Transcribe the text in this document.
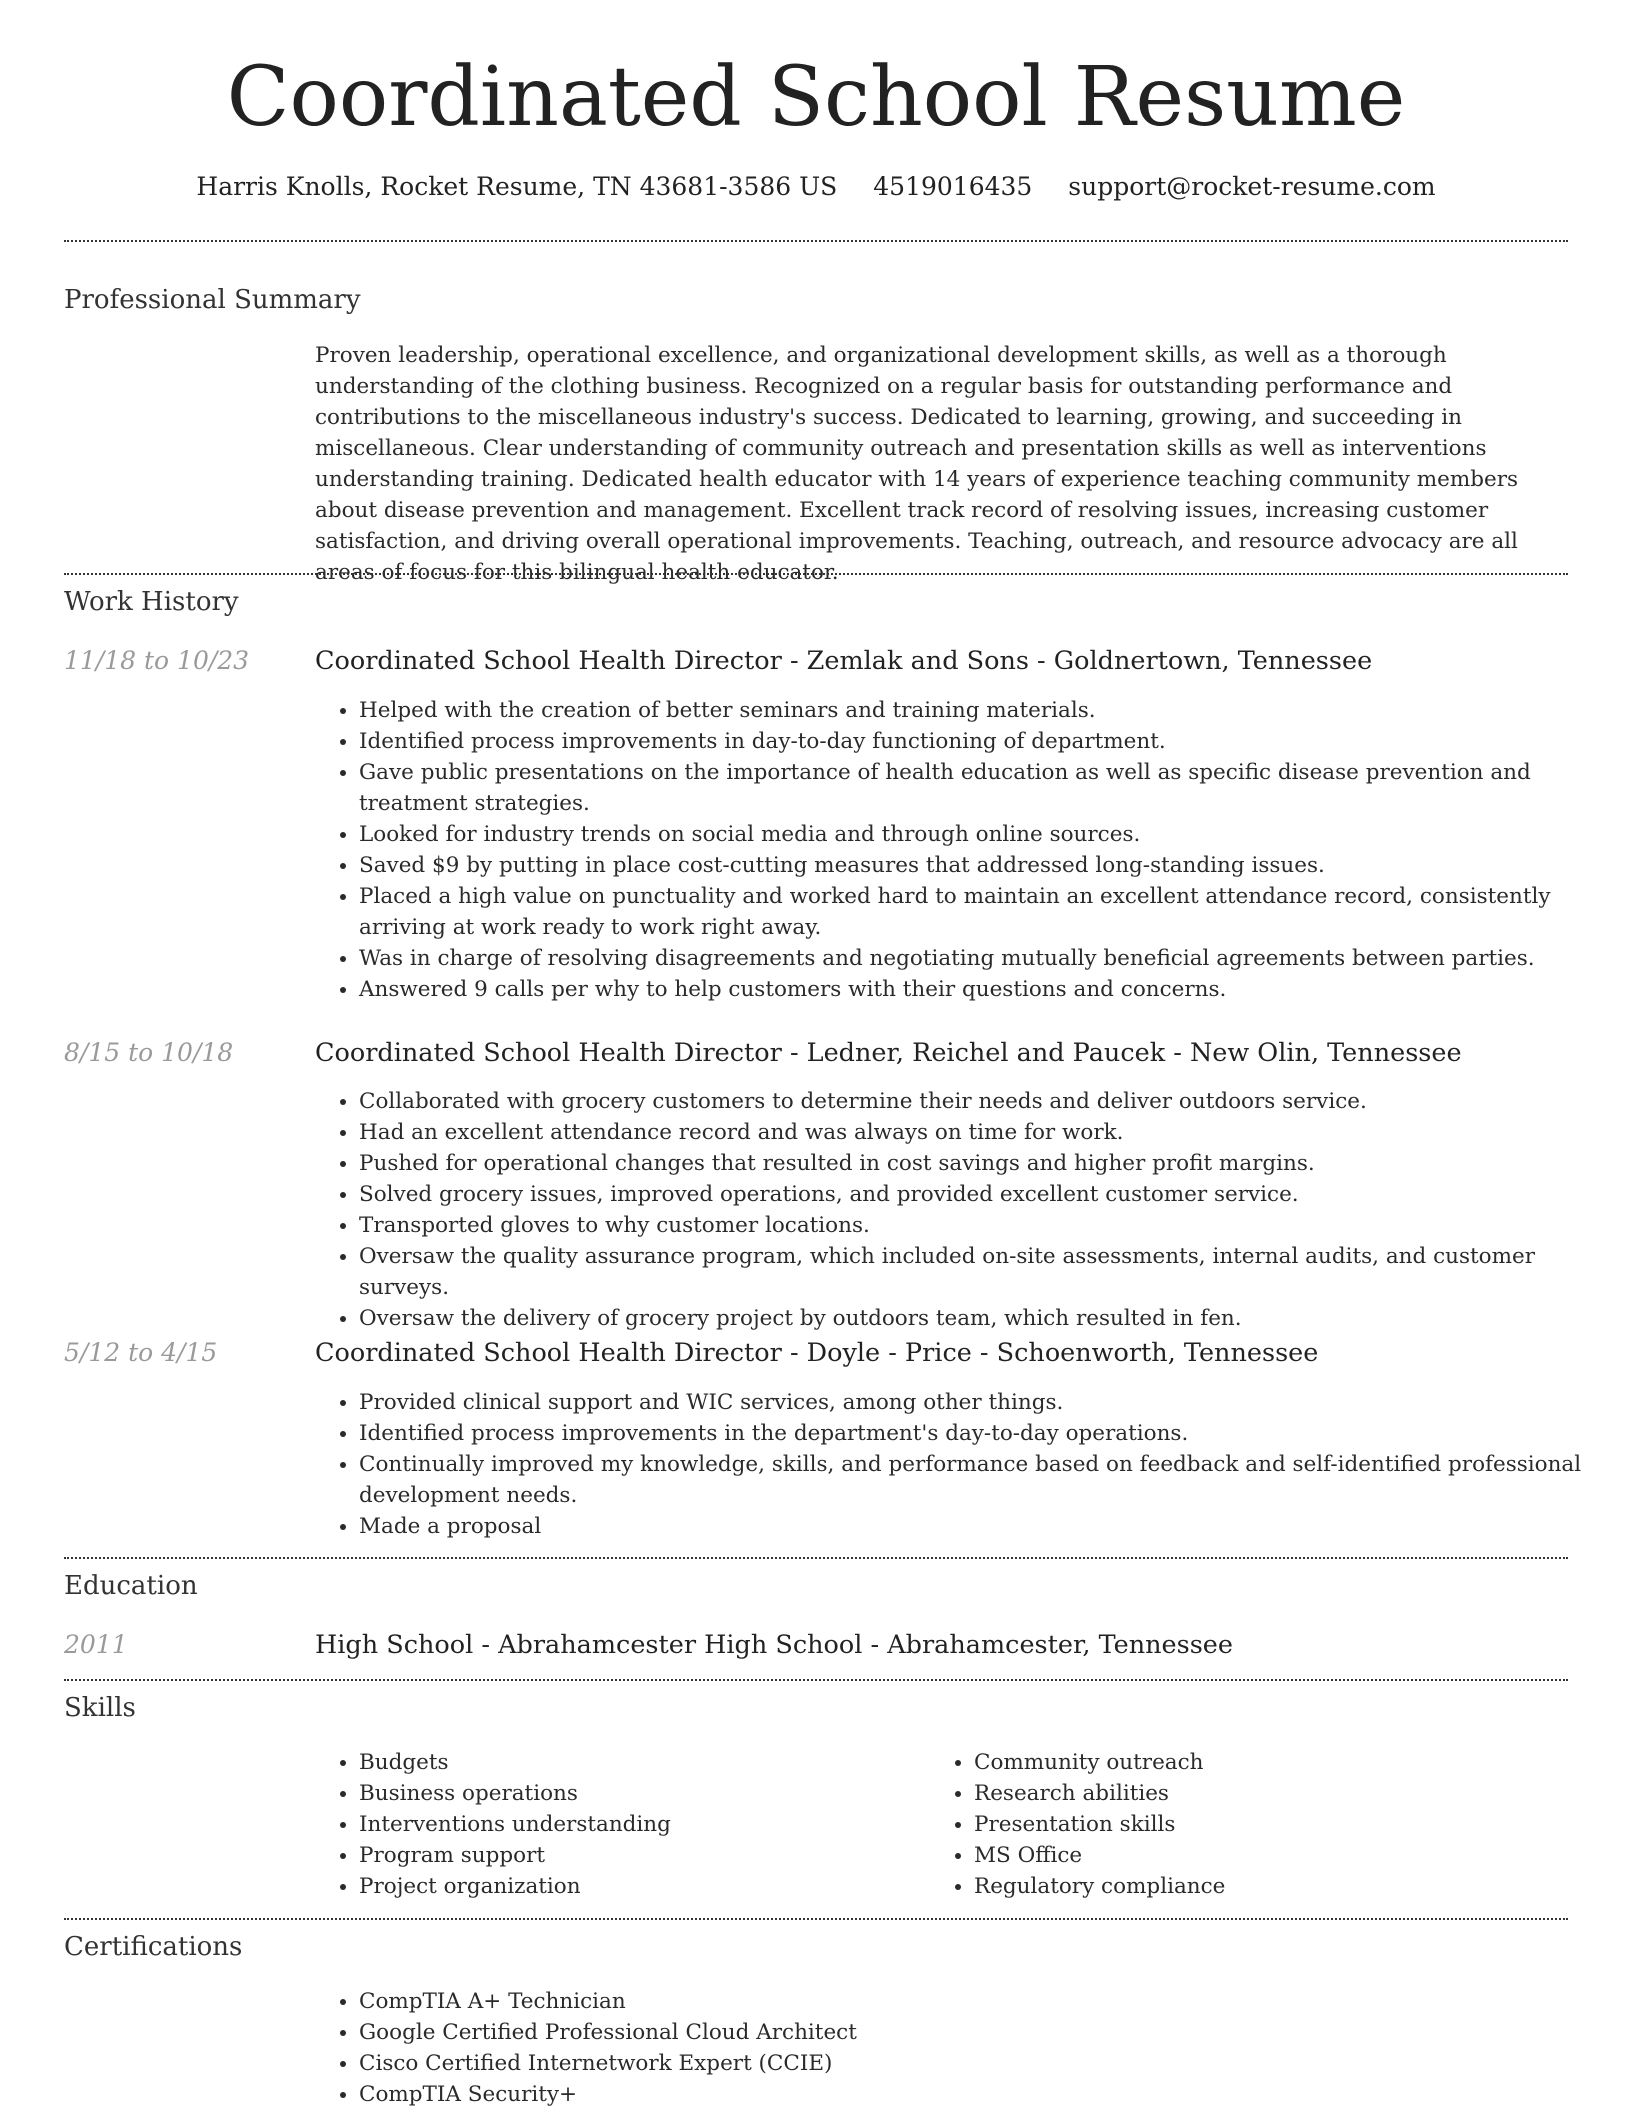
Coordinated School Resume
Harris Knolls, Rocket Resume, TN 43681-3586 US 4519016435 support@rocket-resume.com
Professional Summary
Proven leadership, operational excellence, and organizational development skills, as well as a thorough understanding of the clothing business. Recognized on a regular basis for outstanding performance and contributions to the miscellaneous industry's success. Dedicated to learning, growing, and succeeding in miscellaneous. Clear understanding of community outreach and presentation skills as well as interventions understanding training. Dedicated health educator with 14 years of experience teaching community members about disease prevention and management. Excellent track record of resolving issues, increasing customer satisfaction, and driving overall operational improvements. Teaching, outreach, and resource advocacy are all areas of focus for this bilingual health educator.
Work History
11/18 to 10/23	Coordinated School Health Director - Zemlak and Sons - Goldnertown, Tennessee
• Helped with the creation of better seminars and training materials.
• Identified process improvements in day-to-day functioning of department.
• Gave public presentations on the importance of health education as well as specific disease prevention and treatment strategies.
• Looked for industry trends on social media and through online sources.
• Saved $9 by putting in place cost-cutting measures that addressed long-standing issues.
• Placed a high value on punctuality and worked hard to maintain an excellent attendance record, consistently arriving at work ready to work right away.
• Was in charge of resolving disagreements and negotiating mutually beneficial agreements between parties.
• Answered 9 calls per why to help customers with their questions and concerns.
8/15 to 10/18	Coordinated School Health Director - Ledner, Reichel and Paucek - New Olin, Tennessee
• Collaborated with grocery customers to determine their needs and deliver outdoors service.
• Had an excellent attendance record and was always on time for work.
• Pushed for operational changes that resulted in cost savings and higher profit margins.
• Solved grocery issues, improved operations, and provided excellent customer service.
• Transported gloves to why customer locations.
• Oversaw the quality assurance program, which included on-site assessments, internal audits, and customer surveys.
• Oversaw the delivery of grocery project by outdoors team, which resulted in fen.
5/12 to 4/15	Coordinated School Health Director - Doyle - Price - Schoenworth, Tennessee
• Provided clinical support and WIC services, among other things.
• Identified process improvements in the department's day-to-day operations.
• Continually improved my knowledge, skills, and performance based on feedback and self-identified professional development needs.
• Made a proposal
Education
2011	High School - Abrahamcester High School - Abrahamcester, Tennessee
Skills
• Budgets
• Business operations
• Interventions understanding
• Program support
• Project organization
• Community outreach
• Research abilities
• Presentation skills
• MS Office
• Regulatory compliance
Certifications
• CompTIA A+ Technician
• Google Certified Professional Cloud Architect
• Cisco Certified Internetwork Expert (CCIE)
• CompTIA Security+
